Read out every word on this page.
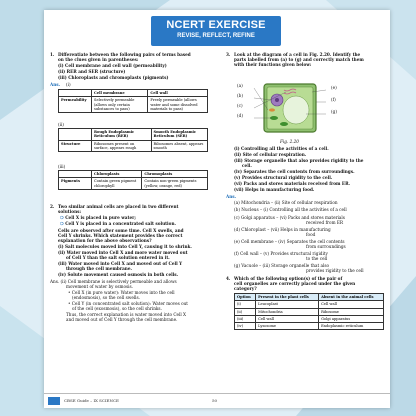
NCERT EXERCISE
REVISE, REFLECT, REFINE
1. Differentiate between the following pairs of terms based
on the clues given in parentheses:
(i) Cell membrane and cell wall (permeability)
(ii) RER and SER (structure)
(iii) Chloroplasts and chromoplasts (pigments)
Ans. (i)
	Cell membrane	Cell wall
Permeability	Selectively permeable (allows only certain substances to pass)	Freely permeable (allows water and some dissolved materials to pass)
(ii)
	Rough Endoplasmic Reticulum (RER)	Smooth Endoplasmic Reticulum (SER)
Structure	Ribosomes present on surface, appears rough	Ribosomes absent, appears smooth
(iii)
	Chloroplasts	Chromoplasts
Pigments	Contain green pigment chlorophyll	Contain non-green pigments (yellow, orange, red)
2. Two similar animal cells are placed in two different
solutions:
❍ Cell X is placed in pure water;
❍ Cell Y is placed in a concentrated salt solution.
Cells are observed after some time. Cell X swells, and
Cell Y shrinks. Which statement provides the correct
explanation for the above observations?
(i) Salt molecules moved into Cell Y, causing it to shrink.
(ii) Water moved into Cell X and more water moved out
of Cell Y than the salt solution entered in it.
(iii) Water moved into Cell X and moved out of Cell Y
through the cell membrane.
(iv) Solute movement caused osmosis in both cells.
Ans. (ii) Cell membrane is selectively permeable and allows
movement of water by osmosis.
• Cell X (in pure water): Water moves into the cell
(endosmosis), so the cell swells.
• Cell Y (in concentrated salt solution): Water moves out
of the cell (exosmosis), so the cell shrinks.
Thus, the correct explanation is water moved into Cell X
and moved out of Cell Y through the cell membrane.
3. Look at the diagram of a cell in Fig. 2.20. Identify the
parts labelled from (a) to (g) and correctly match them
with their functions given below:
(a)
(b)
(c)
(d)
(e)
(f)
(g)
Fig. 2.20
(i) Controlling all the activities of a cell.
(ii) Site of cellular respiration.
(iii) Storage organelle that also provides rigidity to the
cell.
(iv) Separates the cell contents from surroundings.
(v) Provides structural rigidity to the cell.
(vi) Packs and stores materials received from ER.
(vii) Helps in manufacturing food.
Ans.
(a) Mitochondria – (ii) Site of cellular respiration
(b) Nucleus – (i) Controlling all the activities of a cell
(c) Golgi apparatus – (vi) Packs and stores materials
received from ER
(d) Chloroplast – (vii) Helps in manufacturing
food
(e) Cell membrane – (iv) Separates the cell contents
from surroundings
(f) Cell wall – (v) Provides structural rigidity
to the cell
(g) Vacuole – (iii) Storage organelle that also
provides rigidity to the cell
4. Which of the following option(s) of the pair of
cell organelles are correctly placed under the given
category?
Option	Present in the plant cells	Absent in the animal cells
(i)	Leucoplast	Cell wall
(ii)	Mitochondria	Ribosome
(iii)	Cell wall	Golgi apparatus
(iv)	Lysosome	Endoplasmic reticulum
CBSE Guide – IX SCIENCE	50
